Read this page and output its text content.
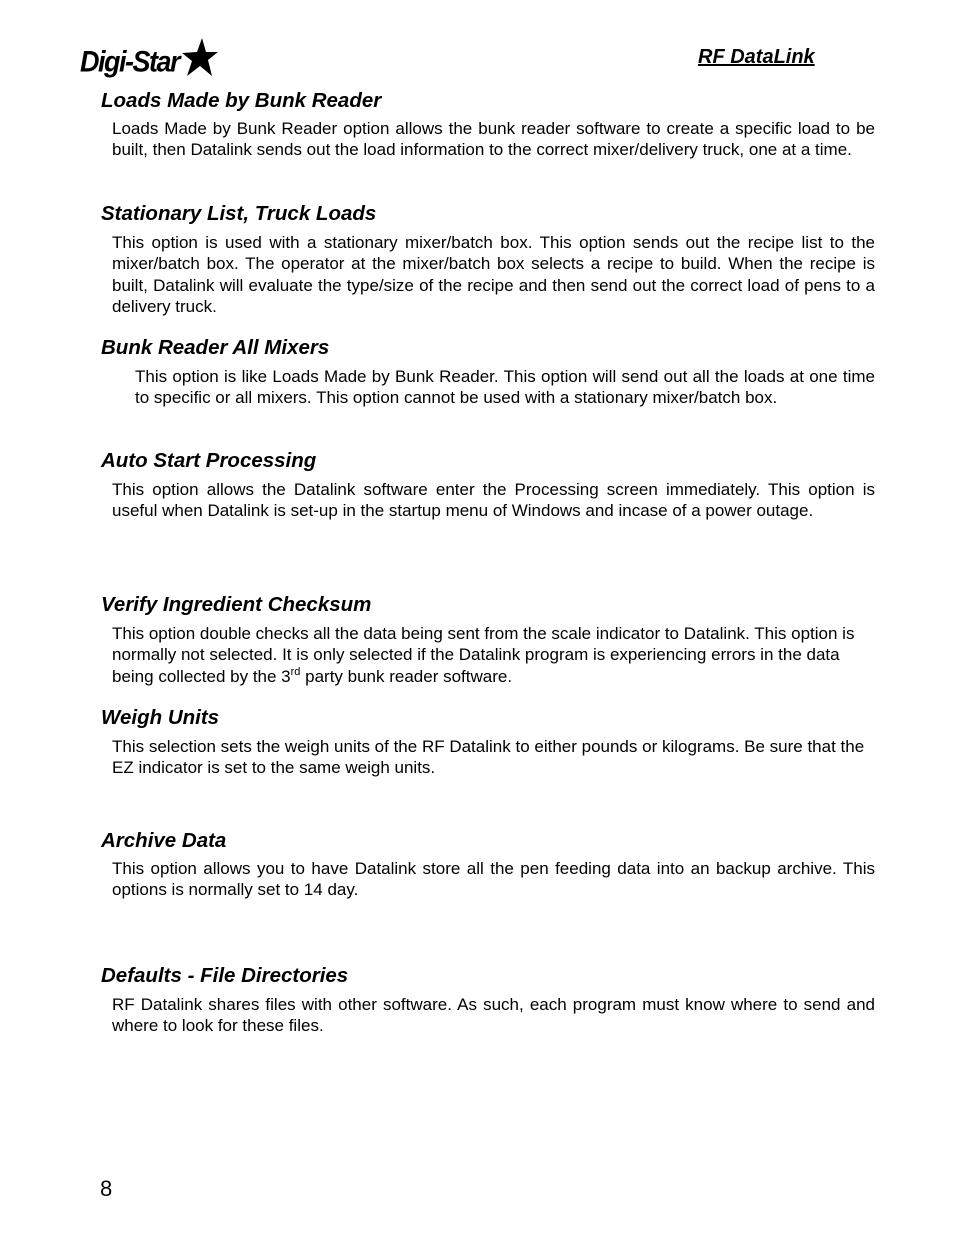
Digi-Star	RF DataLink
Loads Made by Bunk Reader

Loads Made by Bunk Reader option allows the bunk reader software to create a specific load to be built, then Datalink sends out the load information to the correct mixer/delivery truck, one at a time.

Stationary List, Truck Loads

This option is used with a stationary mixer/batch box. This option sends out the recipe list to the mixer/batch box. The operator at the mixer/batch box selects a recipe to build. When the recipe is built, Datalink will evaluate the type/size of the recipe and then send out the correct load of pens to a delivery truck.

Bunk Reader All Mixers

This option is like Loads Made by Bunk Reader. This option will send out all the loads at one time to specific or all mixers. This option cannot be used with a stationary mixer/batch box.

Auto Start Processing

This option allows the Datalink software enter the Processing screen immediately. This option is useful when Datalink is set-up in the startup menu of Windows and incase of a power outage.

Verify Ingredient Checksum

This option double checks all the data being sent from the scale indicator to Datalink. This option is normally not selected. It is only selected if the Datalink program is experiencing errors in the data being collected by the 3rd party bunk reader software.

Weigh Units

This selection sets the weigh units of the RF Datalink to either pounds or kilograms. Be sure that the EZ indicator is set to the same weigh units.

Archive Data

This option allows you to have Datalink store all the pen feeding data into an backup archive. This options is normally set to 14 day.

Defaults - File Directories

RF Datalink shares files with other software. As such, each program must know where to send and where to look for these files.

8
